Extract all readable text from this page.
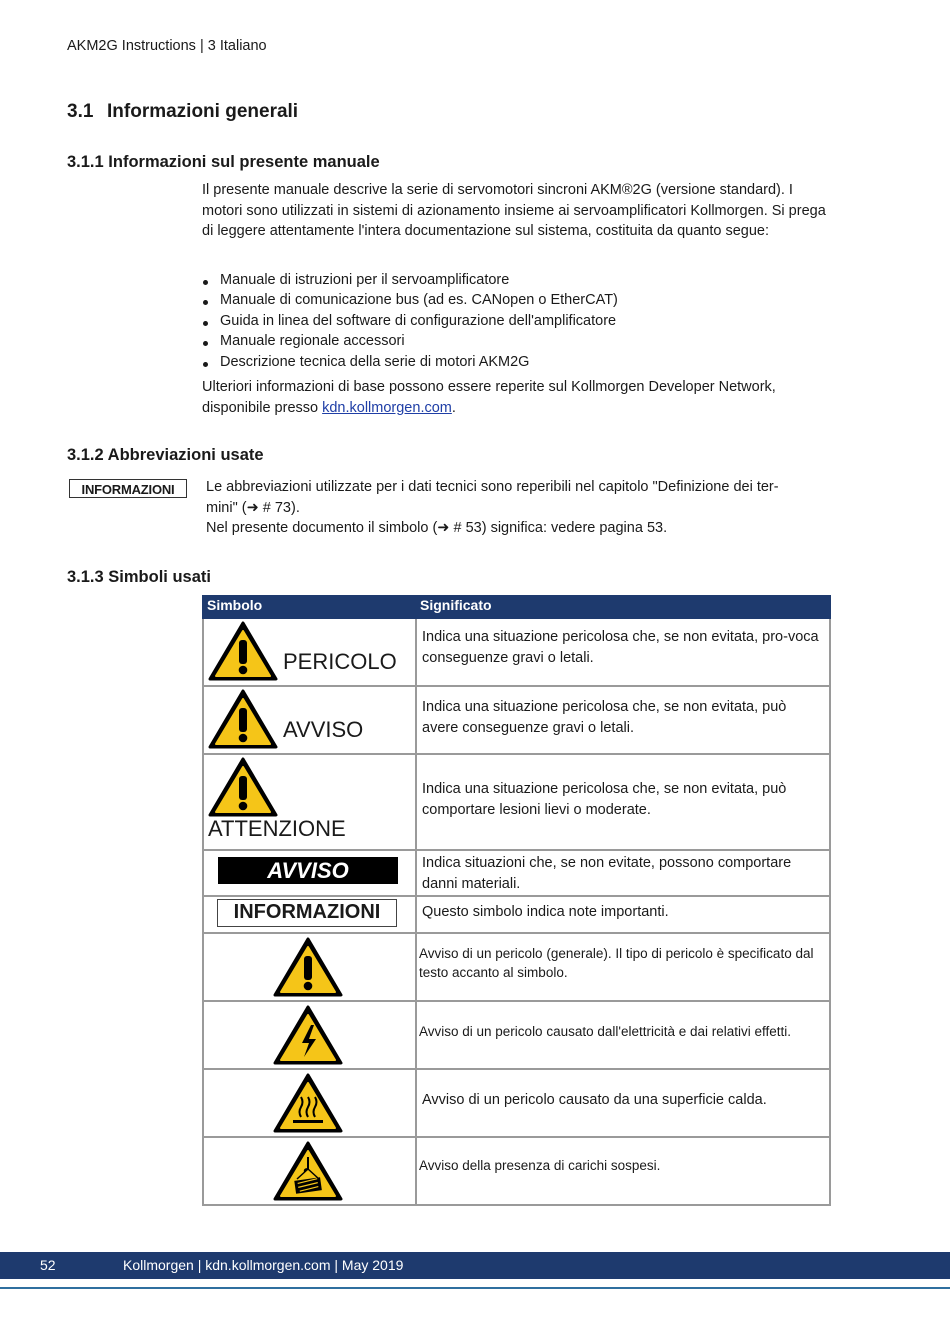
AKM2G Instructions | 3 Italiano
3.1 Informazioni generali
3.1.1 Informazioni sul presente manuale
Il presente manuale descrive la serie di servomotori sincroni AKM®2G (versione standard). I motori sono utilizzati in sistemi di azionamento insieme ai servoamplificatori Kollmorgen. Si prega di leggere attentamente l'intera documentazione sul sistema, costituita da quanto segue:
Manuale di istruzioni per il servoamplificatore
Manuale di comunicazione bus (ad es. CANopen o EtherCAT)
Guida in linea del software di configurazione dell'amplificatore
Manuale regionale accessori
Descrizione tecnica della serie di motori AKM2G
Ulteriori informazioni di base possono essere reperite sul Kollmorgen Developer Network, disponibile presso kdn.kollmorgen.com.
3.1.2 Abbreviazioni usate
INFORMAZIONI	Le abbreviazioni utilizzate per i dati tecnici sono reperibili nel capitolo "Definizione dei ter-
mini" (➜ # 73).
Nel presente documento il simbolo (➜ # 53) significa: vedere pagina 53.
3.1.3 Simboli usati
Simbolo	Significato

PERICOLO	Indica una situazione pericolosa che, se non evitata, pro-voca conseguenze gravi o letali.

AVVISO	Indica una situazione pericolosa che, se non evitata, può avere conseguenze gravi o letali.

ATTENZIONE	Indica una situazione pericolosa che, se non evitata, può comportare lesioni lievi o moderate.

AVVISO	Indica situazioni che, se non evitate, possono comportare danni materiali.

INFORMAZIONI	Questo simbolo indica note importanti.

	Avviso di un pericolo (generale). Il tipo di pericolo è specificato dal testo accanto al simbolo.

	Avviso di un pericolo causato dall'elettricità e dai relativi effetti.

	Avviso di un pericolo causato da una superficie calda.

	Avviso della presenza di carichi sospesi.
52	Kollmorgen | kdn.kollmorgen.com | May 2019
